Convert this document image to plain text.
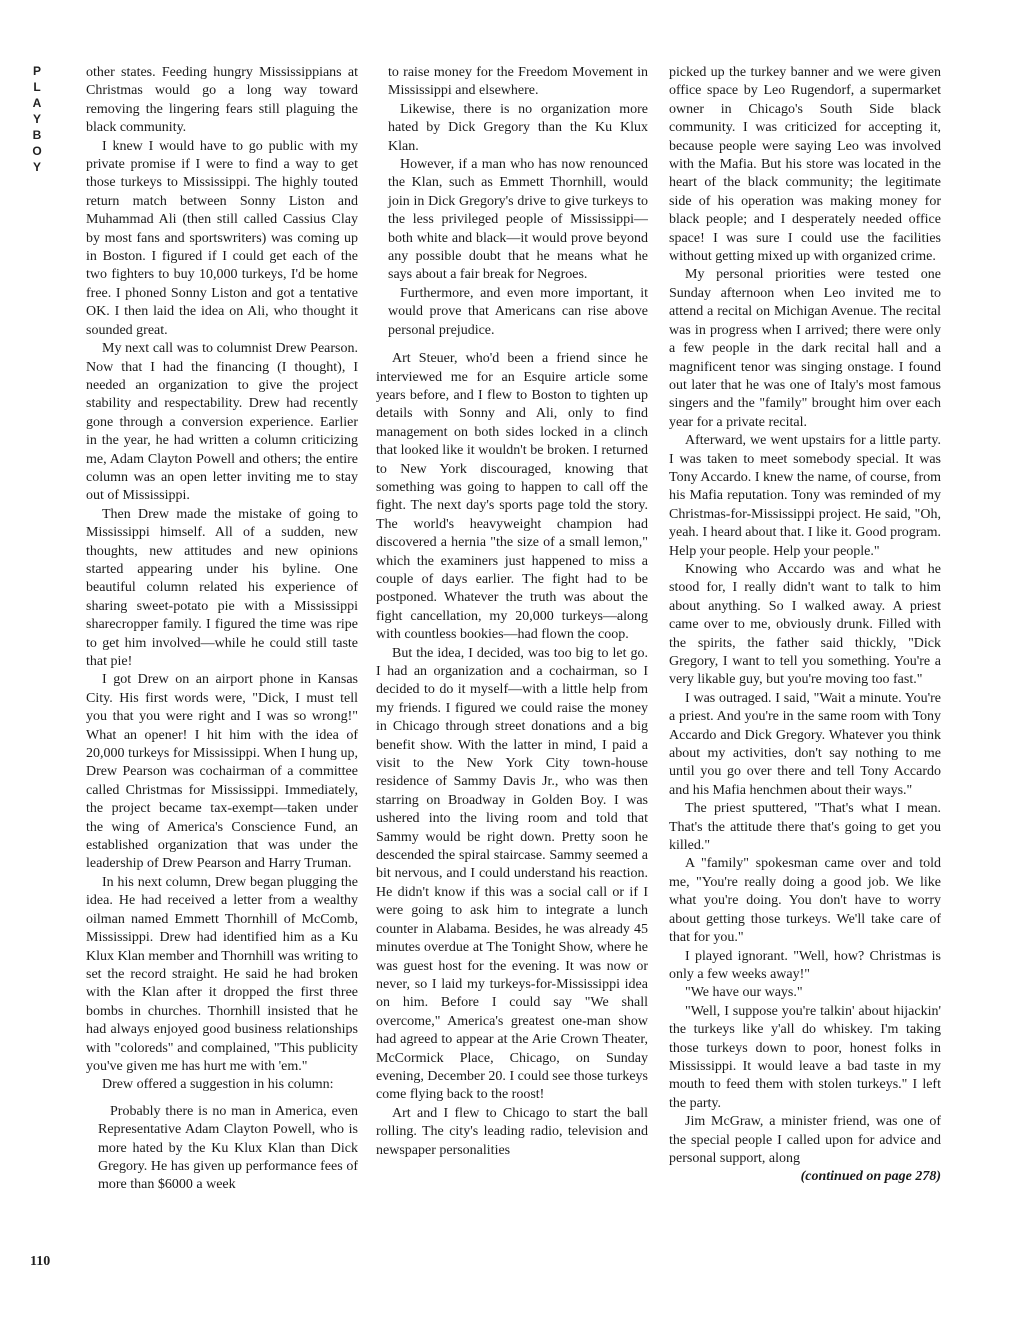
P
L
A
Y
B
O
Y
110

other states. Feeding hungry Mississippians at Christmas would go a long way toward removing the lingering fears still plaguing the black community.

I knew I would have to go public with my private promise if I were to find a way to get those turkeys to Mississippi. The highly touted return match between Sonny Liston and Muhammad Ali (then still called Cassius Clay by most fans and sportswriters) was coming up in Boston. I figured if I could get each of the two fighters to buy 10,000 turkeys, I'd be home free. I phoned Sonny Liston and got a tentative OK. I then laid the idea on Ali, who thought it sounded great.

My next call was to columnist Drew Pearson. Now that I had the financing (I thought), I needed an organization to give the project stability and respectability. Drew had recently gone through a conversion experience. Earlier in the year, he had written a column criticizing me, Adam Clayton Powell and others; the entire column was an open letter inviting me to stay out of Mississippi.

Then Drew made the mistake of going to Mississippi himself. All of a sudden, new thoughts, new attitudes and new opinions started appearing under his byline. One beautiful column related his experience of sharing sweet-potato pie with a Mississippi sharecropper family. I figured the time was ripe to get him involved—while he could still taste that pie!

I got Drew on an airport phone in Kansas City. His first words were, "Dick, I must tell you that you were right and I was so wrong!" What an opener! I hit him with the idea of 20,000 turkeys for Mississippi. When I hung up, Drew Pearson was cochairman of a committee called Christmas for Mississippi. Immediately, the project became tax-exempt—taken under the wing of America's Conscience Fund, an established organization that was under the leadership of Drew Pearson and Harry Truman.

In his next column, Drew began plugging the idea. He had received a letter from a wealthy oilman named Emmett Thornhill of McComb, Mississippi. Drew had identified him as a Ku Klux Klan member and Thornhill was writing to set the record straight. He said he had broken with the Klan after it dropped the first three bombs in churches. Thornhill insisted that he had always enjoyed good business relationships with "coloreds" and complained, "This publicity you've given me has hurt me with 'em."

Drew offered a suggestion in his column:

Probably there is no man in America, even Representative Adam Clayton Powell, who is more hated by the Ku Klux Klan than Dick Gregory. He has given up performance fees of more than $6000 a week

to raise money for the Freedom Movement in Mississippi and elsewhere.

Likewise, there is no organization more hated by Dick Gregory than the Ku Klux Klan.

However, if a man who has now renounced the Klan, such as Emmett Thornhill, would join in Dick Gregory's drive to give turkeys to the less privileged people of Mississippi—both white and black—it would prove beyond any possible doubt that he means what he says about a fair break for Negroes.

Furthermore, and even more important, it would prove that Americans can rise above personal prejudice.

Art Steuer, who'd been a friend since he interviewed me for an Esquire article some years before, and I flew to Boston to tighten up details with Sonny and Ali, only to find management on both sides locked in a clinch that looked like it wouldn't be broken. I returned to New York discouraged, knowing that something was going to happen to call off the fight. The next day's sports page told the story. The world's heavyweight champion had discovered a hernia "the size of a small lemon," which the examiners just happened to miss a couple of days earlier. The fight had to be postponed. Whatever the truth was about the fight cancellation, my 20,000 turkeys—along with countless bookies—had flown the coop.

But the idea, I decided, was too big to let go. I had an organization and a cochairman, so I decided to do it myself—with a little help from my friends. I figured we could raise the money in Chicago through street donations and a big benefit show. With the latter in mind, I paid a visit to the New York City town-house residence of Sammy Davis Jr., who was then starring on Broadway in Golden Boy. I was ushered into the living room and told that Sammy would be right down. Pretty soon he descended the spiral staircase. Sammy seemed a bit nervous, and I could understand his reaction. He didn't know if this was a social call or if I were going to ask him to integrate a lunch counter in Alabama. Besides, he was already 45 minutes overdue at The Tonight Show, where he was guest host for the evening. It was now or never, so I laid my turkeys-for-Mississippi idea on him. Before I could say "We shall overcome," America's greatest one-man show had agreed to appear at the Arie Crown Theater, McCormick Place, Chicago, on Sunday evening, December 20. I could see those turkeys come flying back to the roost!

Art and I flew to Chicago to start the ball rolling. The city's leading radio, television and newspaper personalities

picked up the turkey banner and we were given office space by Leo Rugendorf, a supermarket owner in Chicago's South Side black community. I was criticized for accepting it, because people were saying Leo was involved with the Mafia. But his store was located in the heart of the black community; the legitimate side of his operation was making money for black people; and I desperately needed office space! I was sure I could use the facilities without getting mixed up with organized crime.

My personal priorities were tested one Sunday afternoon when Leo invited me to attend a recital on Michigan Avenue. The recital was in progress when I arrived; there were only a few people in the dark recital hall and a magnificent tenor was singing onstage. I found out later that he was one of Italy's most famous singers and the "family" brought him over each year for a private recital.

Afterward, we went upstairs for a little party. I was taken to meet somebody special. It was Tony Accardo. I knew the name, of course, from his Mafia reputation. Tony was reminded of my Christmas-for-Mississippi project. He said, "Oh, yeah. I heard about that. I like it. Good program. Help your people. Help your people."

Knowing who Accardo was and what he stood for, I really didn't want to talk to him about anything. So I walked away. A priest came over to me, obviously drunk. Filled with the spirits, the father said thickly, "Dick Gregory, I want to tell you something. You're a very likable guy, but you're moving too fast."

I was outraged. I said, "Wait a minute. You're a priest. And you're in the same room with Tony Accardo and Dick Gregory. Whatever you think about my activities, don't say nothing to me until you go over there and tell Tony Accardo and his Mafia henchmen about their ways."

The priest sputtered, "That's what I mean. That's the attitude there that's going to get you killed."

A "family" spokesman came over and told me, "You're really doing a good job. We like what you're doing. You don't have to worry about getting those turkeys. We'll take care of that for you."

I played ignorant. "Well, how? Christmas is only a few weeks away!"

"We have our ways."

"Well, I suppose you're talkin' about hijackin' the turkeys like y'all do whiskey. I'm taking those turkeys down to poor, honest folks in Mississippi. It would leave a bad taste in my mouth to feed them with stolen turkeys." I left the party.

Jim McGraw, a minister friend, was one of the special people I called upon for advice and personal support, along

(continued on page 278)
